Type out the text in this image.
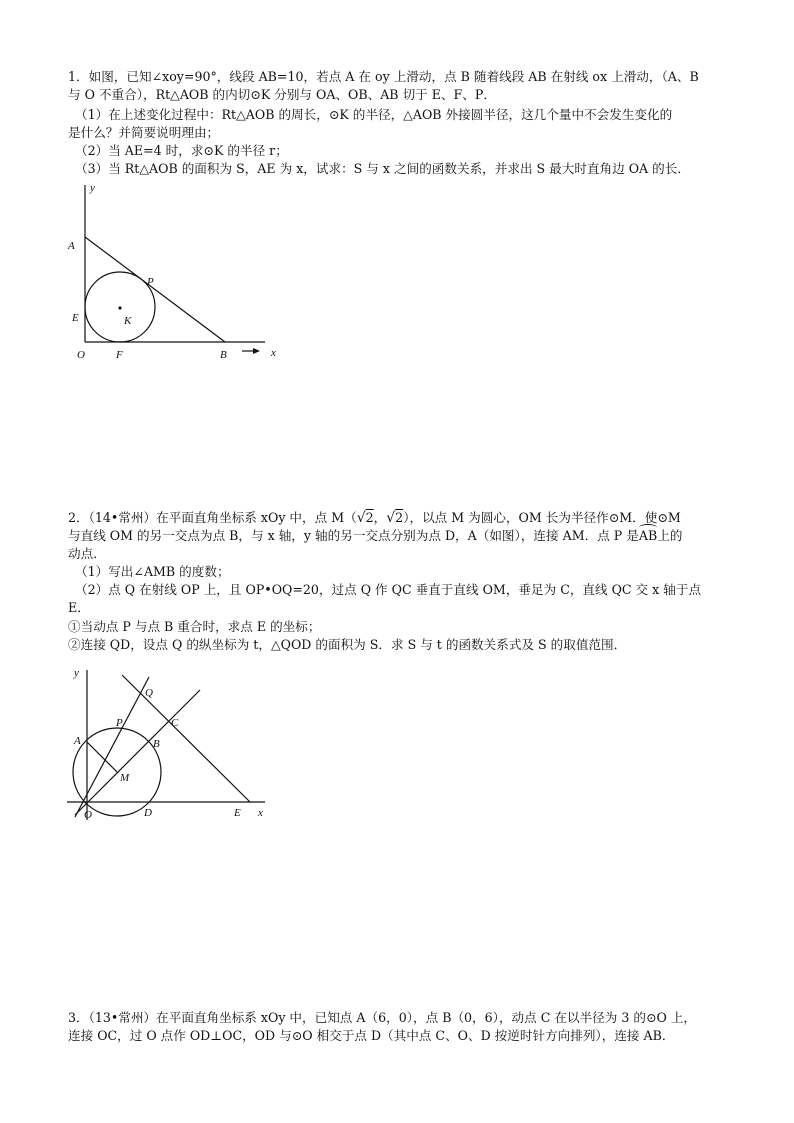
1．如图，已知∠xoy=90°，线段 AB=10，若点 A 在 oy 上滑动，点 B 随着线段 AB 在射线 ox 上滑动，（A、B
与 O 不重合），Rt△AOB 的内切⊙K 分别与 OA、OB、AB 切于 E、F、P．
（1）在上述变化过程中：Rt△AOB 的周长，⊙K 的半径，△AOB 外接圆半径，这几个量中不会发生变化的
是什么？并简要说明理由；
（2）当 AE=4 时，求⊙K 的半径 r；
（3）当 Rt△AOB 的面积为 S，AE 为 x，试求：S 与 x 之间的函数关系，并求出 S 最大时直角边 OA 的长．
y
A
P
E	K
O	F	B	x
2．（14•常州）在平面直角坐标系 xOy 中，点 M（√2，√2），以点 M 为圆心，OM 长为半径作⊙M．使⊙M
与直线 OM 的另一交点为点 B，与 x 轴，y 轴的另一交点分别为点 D，A（如图），连接 AM．点 P 是AB上的
动点．
（1）写出∠AMB 的度数；
（2）点 Q 在射线 OP 上，且 OP•OQ=20，过点 Q 作 QC 垂直于直线 OM，垂足为 C，直线 QC 交 x 轴于点
E．
①当动点 P 与点 B 重合时，求点 E 的坐标；
②连接 QD，设点 Q 的纵坐标为 t，△QOD 的面积为 S．求 S 与 t 的函数关系式及 S 的取值范围．
y
Q
P	C
A	B
M
O	D	E x
3．（13•常州）在平面直角坐标系 xOy 中，已知点 A（6，0），点 B（0，6），动点 C 在以半径为 3 的⊙O 上，
连接 OC，过 O 点作 OD⊥OC，OD 与⊙O 相交于点 D（其中点 C、O、D 按逆时针方向排列），连接 AB．
